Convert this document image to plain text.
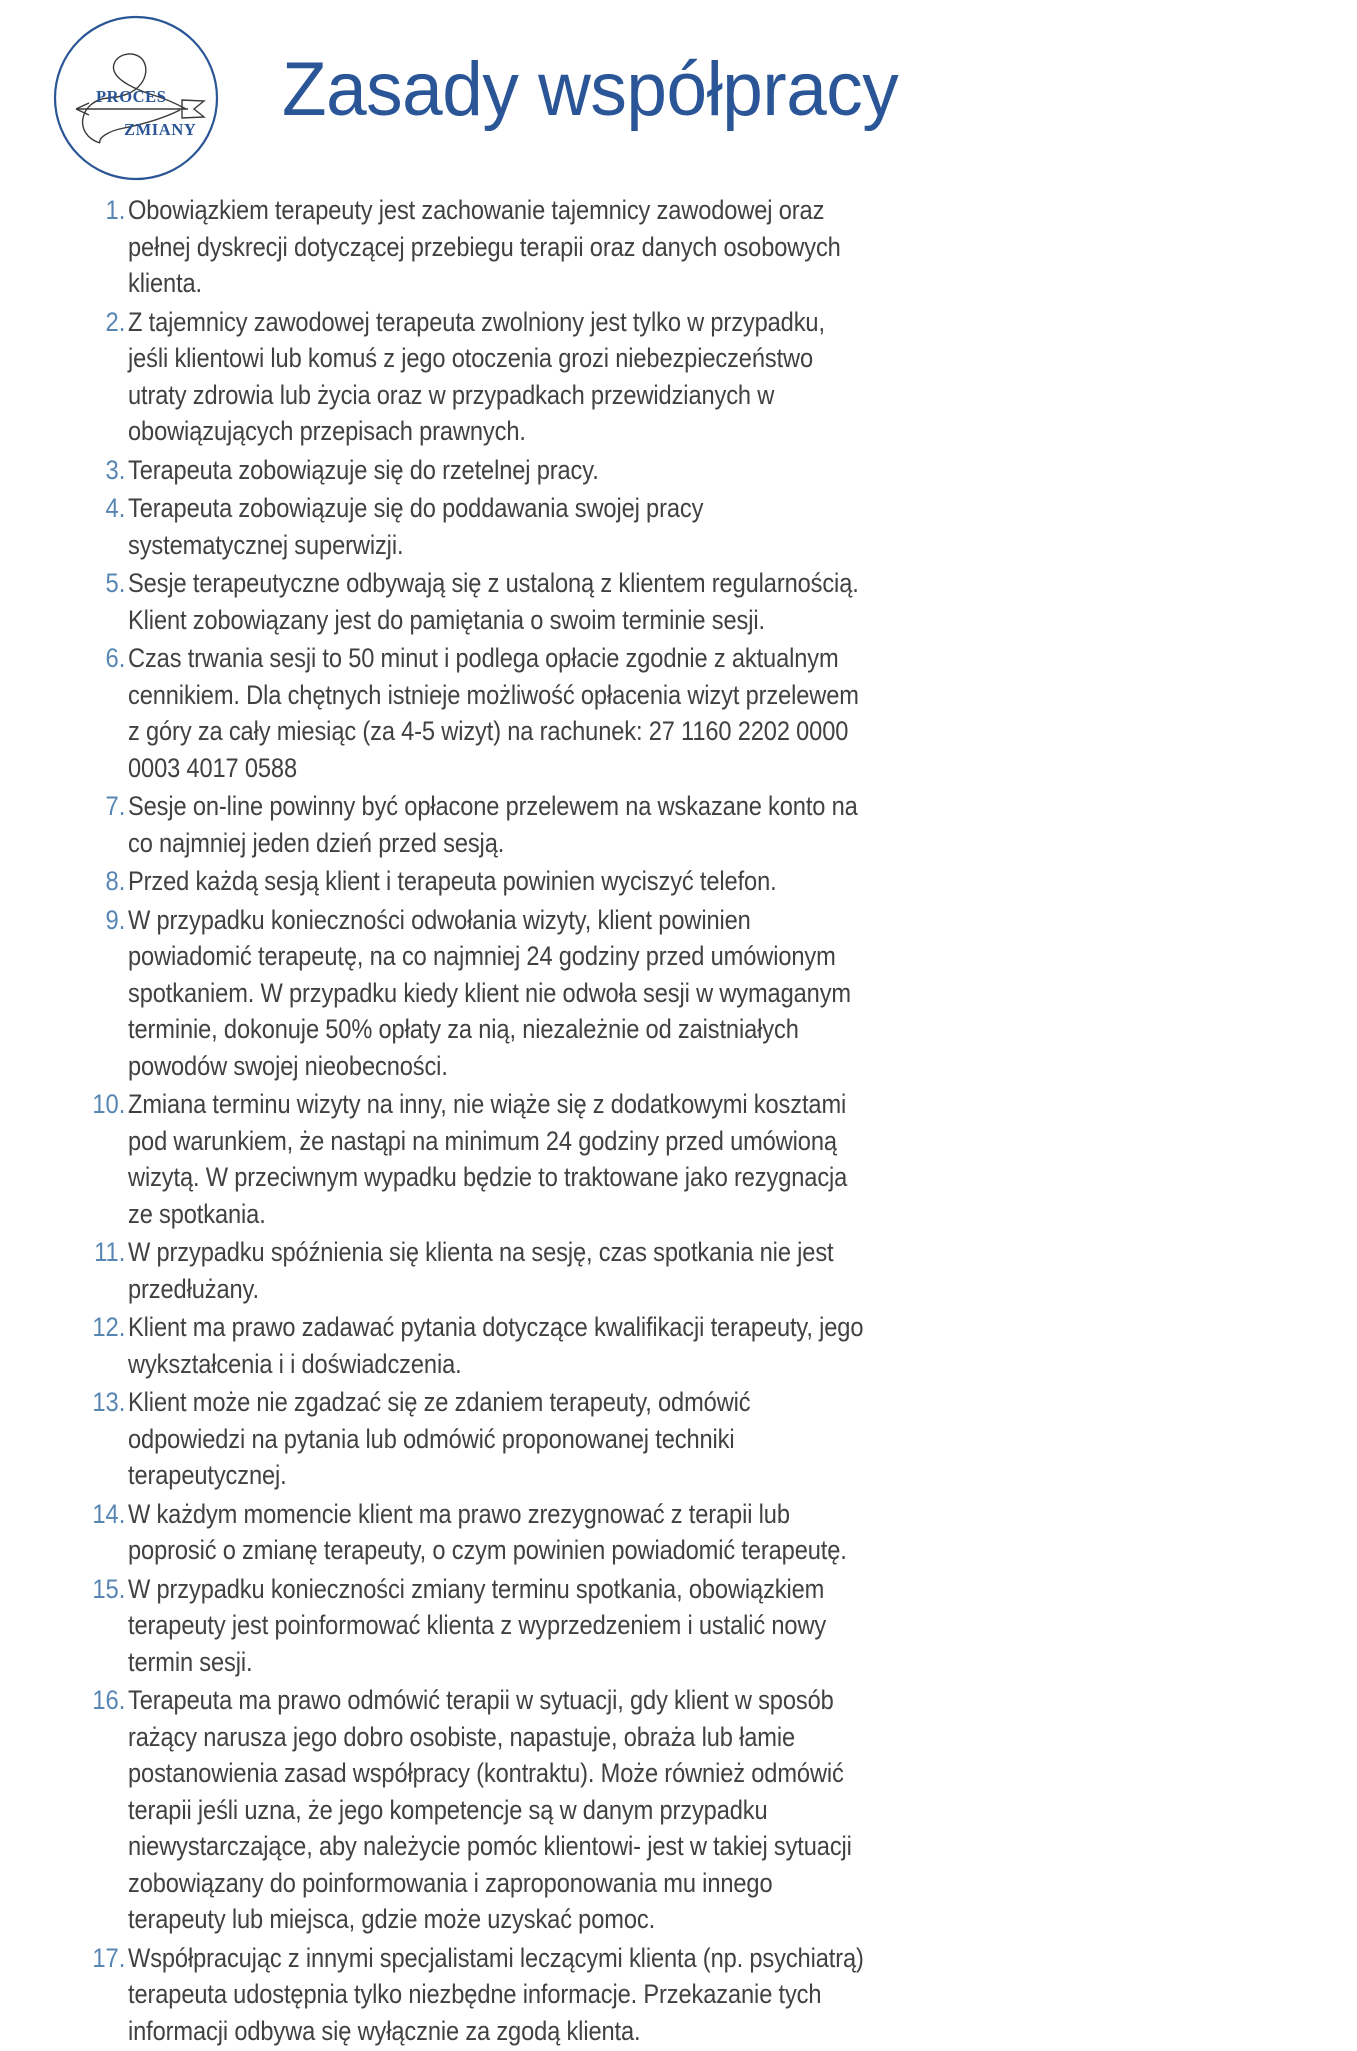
PROCES
ZMIANY Zasady współpracy
1. Obowiązkiem terapeuty jest zachowanie tajemnicy zawodowej oraz pełnej dyskrecji dotyczącej przebiegu terapii oraz danych osobowych klienta.
2. Z tajemnicy zawodowej terapeuta zwolniony jest tylko w przypadku, jeśli klientowi lub komuś z jego otoczenia grozi niebezpieczeństwo utraty zdrowia lub życia oraz w przypadkach przewidzianych w obowiązujących przepisach prawnych.
3. Terapeuta zobowiązuje się do rzetelnej pracy.
4. Terapeuta zobowiązuje się do poddawania swojej pracy systematycznej superwizji.
5. Sesje terapeutyczne odbywają się z ustaloną z klientem regularnością. Klient zobowiązany jest do pamiętania o swoim terminie sesji.
6. Czas trwania sesji to 50 minut i podlega opłacie zgodnie z aktualnym cennikiem. Dla chętnych istnieje możliwość opłacenia wizyt przelewem z góry za cały miesiąc (za 4-5 wizyt) na rachunek: 27 1160 2202 0000 0003 4017 0588
7. Sesje on-line powinny być opłacone przelewem na wskazane konto na co najmniej jeden dzień przed sesją.
8. Przed każdą sesją klient i terapeuta powinien wyciszyć telefon.
9. W przypadku konieczności odwołania wizyty, klient powinien powiadomić terapeutę, na co najmniej 24 godziny przed umówionym spotkaniem. W przypadku kiedy klient nie odwoła sesji w wymaganym terminie, dokonuje 50% opłaty za nią, niezależnie od zaistniałych powodów swojej nieobecności.
10. Zmiana terminu wizyty na inny, nie wiąże się z dodatkowymi kosztami pod warunkiem, że nastąpi na minimum 24 godziny przed umówioną wizytą. W przeciwnym wypadku będzie to traktowane jako rezygnacja ze spotkania.
11. W przypadku spóźnienia się klienta na sesję, czas spotkania nie jest przedłużany.
12. Klient ma prawo zadawać pytania dotyczące kwalifikacji terapeuty, jego wykształcenia i i doświadczenia.
13. Klient może nie zgadzać się ze zdaniem terapeuty, odmówić odpowiedzi na pytania lub odmówić proponowanej techniki terapeutycznej.
14. W każdym momencie klient ma prawo zrezygnować z terapii lub poprosić o zmianę terapeuty, o czym powinien powiadomić terapeutę.
15. W przypadku konieczności zmiany terminu spotkania, obowiązkiem terapeuty jest poinformować klienta z wyprzedzeniem i ustalić nowy termin sesji.
16. Terapeuta ma prawo odmówić terapii w sytuacji, gdy klient w sposób rażący narusza jego dobro osobiste, napastuje, obraża lub łamie postanowienia zasad współpracy (kontraktu). Może również odmówić terapii jeśli uzna, że jego kompetencje są w danym przypadku niewystarczające, aby należycie pomóc klientowi- jest w takiej sytuacji zobowiązany do poinformowania i zaproponowania mu innego terapeuty lub miejsca, gdzie może uzyskać pomoc.
17. Współpracując z innymi specjalistami leczącymi klienta (np. psychiatrą) terapeuta udostępnia tylko niezbędne informacje. Przekazanie tych informacji odbywa się wyłącznie za zgodą klienta.
